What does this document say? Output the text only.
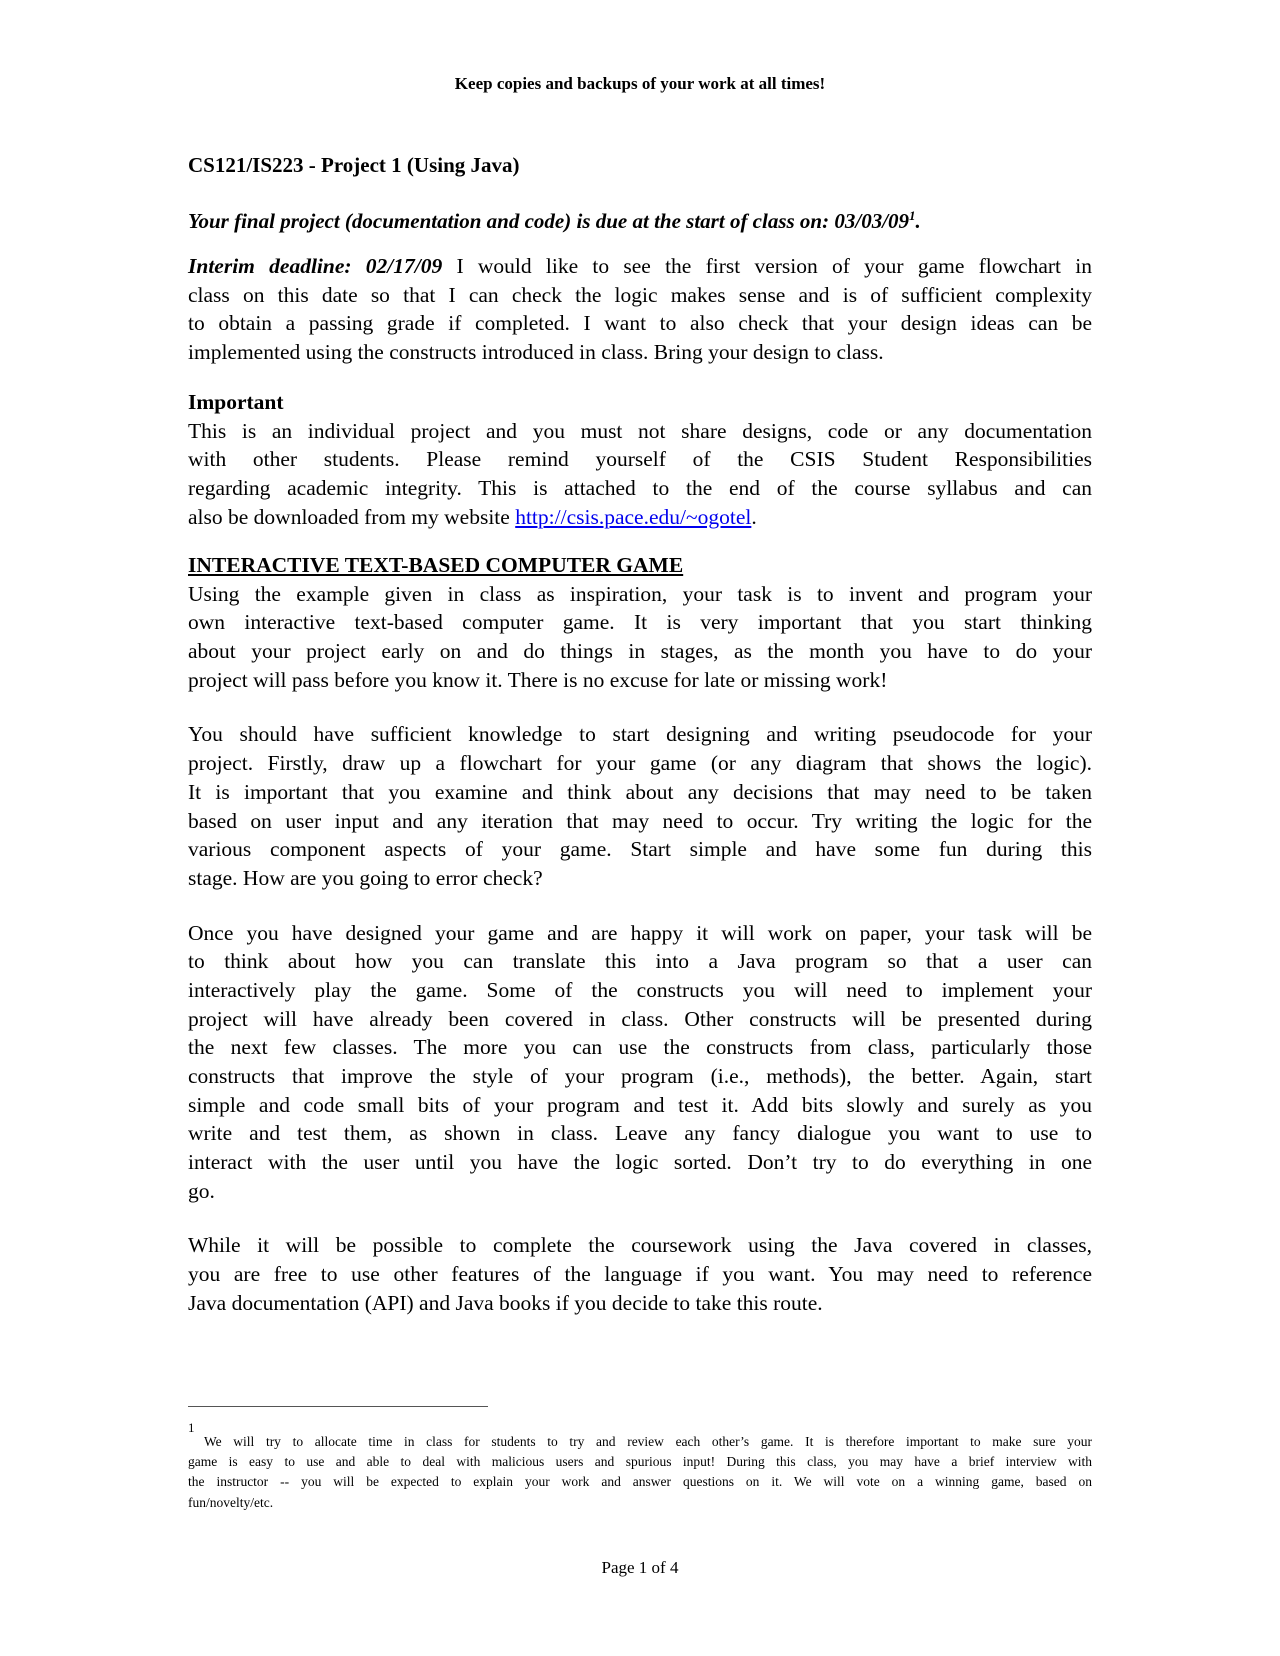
Keep copies and backups of your work at all times!
CS121/IS223 - Project 1 (Using Java)
Your final project (documentation and code) is due at the start of class on: $03/03/09^1$.
Interim deadline: 02/17/09 I would like to see the first version of your game flowchart in
class on this date so that I can check the logic makes sense and is of sufficient complexity
to obtain a passing grade if completed. I want to also check that your design ideas can be
implemented using the constructs introduced in class. Bring your design to class.
Important
This is an individual project and you must not share designs, code or any documentation
with other students. Please remind yourself of the CSIS Student Responsibilities
regarding academic integrity. This is attached to the end of the course syllabus and can
also be downloaded from my website http://csis.pace.edu/~ogotel.
INTERACTIVE TEXT-BASED COMPUTER GAME
Using the example given in class as inspiration, your task is to invent and program your
own interactive text-based computer game. It is very important that you start thinking
about your project early on and do things in stages, as the month you have to do your
project will pass before you know it. There is no excuse for late or missing work!
You should have sufficient knowledge to start designing and writing pseudocode for your
project. Firstly, draw up a flowchart for your game (or any diagram that shows the logic).
It is important that you examine and think about any decisions that may need to be taken
based on user input and any iteration that may need to occur. Try writing the logic for the
various component aspects of your game. Start simple and have some fun during this
stage. How are you going to error check?
Once you have designed your game and are happy it will work on paper, your task will be
to think about how you can translate this into a Java program so that a user can
interactively play the game. Some of the constructs you will need to implement your
project will have already been covered in class. Other constructs will be presented during
the next few classes. The more you can use the constructs from class, particularly those
constructs that improve the style of your program (i.e., methods), the better. Again, start
simple and code small bits of your program and test it. Add bits slowly and surely as you
write and test them, as shown in class. Leave any fancy dialogue you want to use to
interact with the user until you have the logic sorted. Don’t try to do everything in one
go.
While it will be possible to complete the coursework using the Java covered in classes,
you are free to use other features of the language if you want. You may need to reference
Java documentation (API) and Java books if you decide to take this route.
1
We will try to allocate time in class for students to try and review each other’s game. It is therefore important to make sure your
game is easy to use and able to deal with malicious users and spurious input! During this class, you may have a brief interview with
the instructor -- you will be expected to explain your work and answer questions on it. We will vote on a winning game, based on
fun/novelty/etc.
Page 1 of 4
